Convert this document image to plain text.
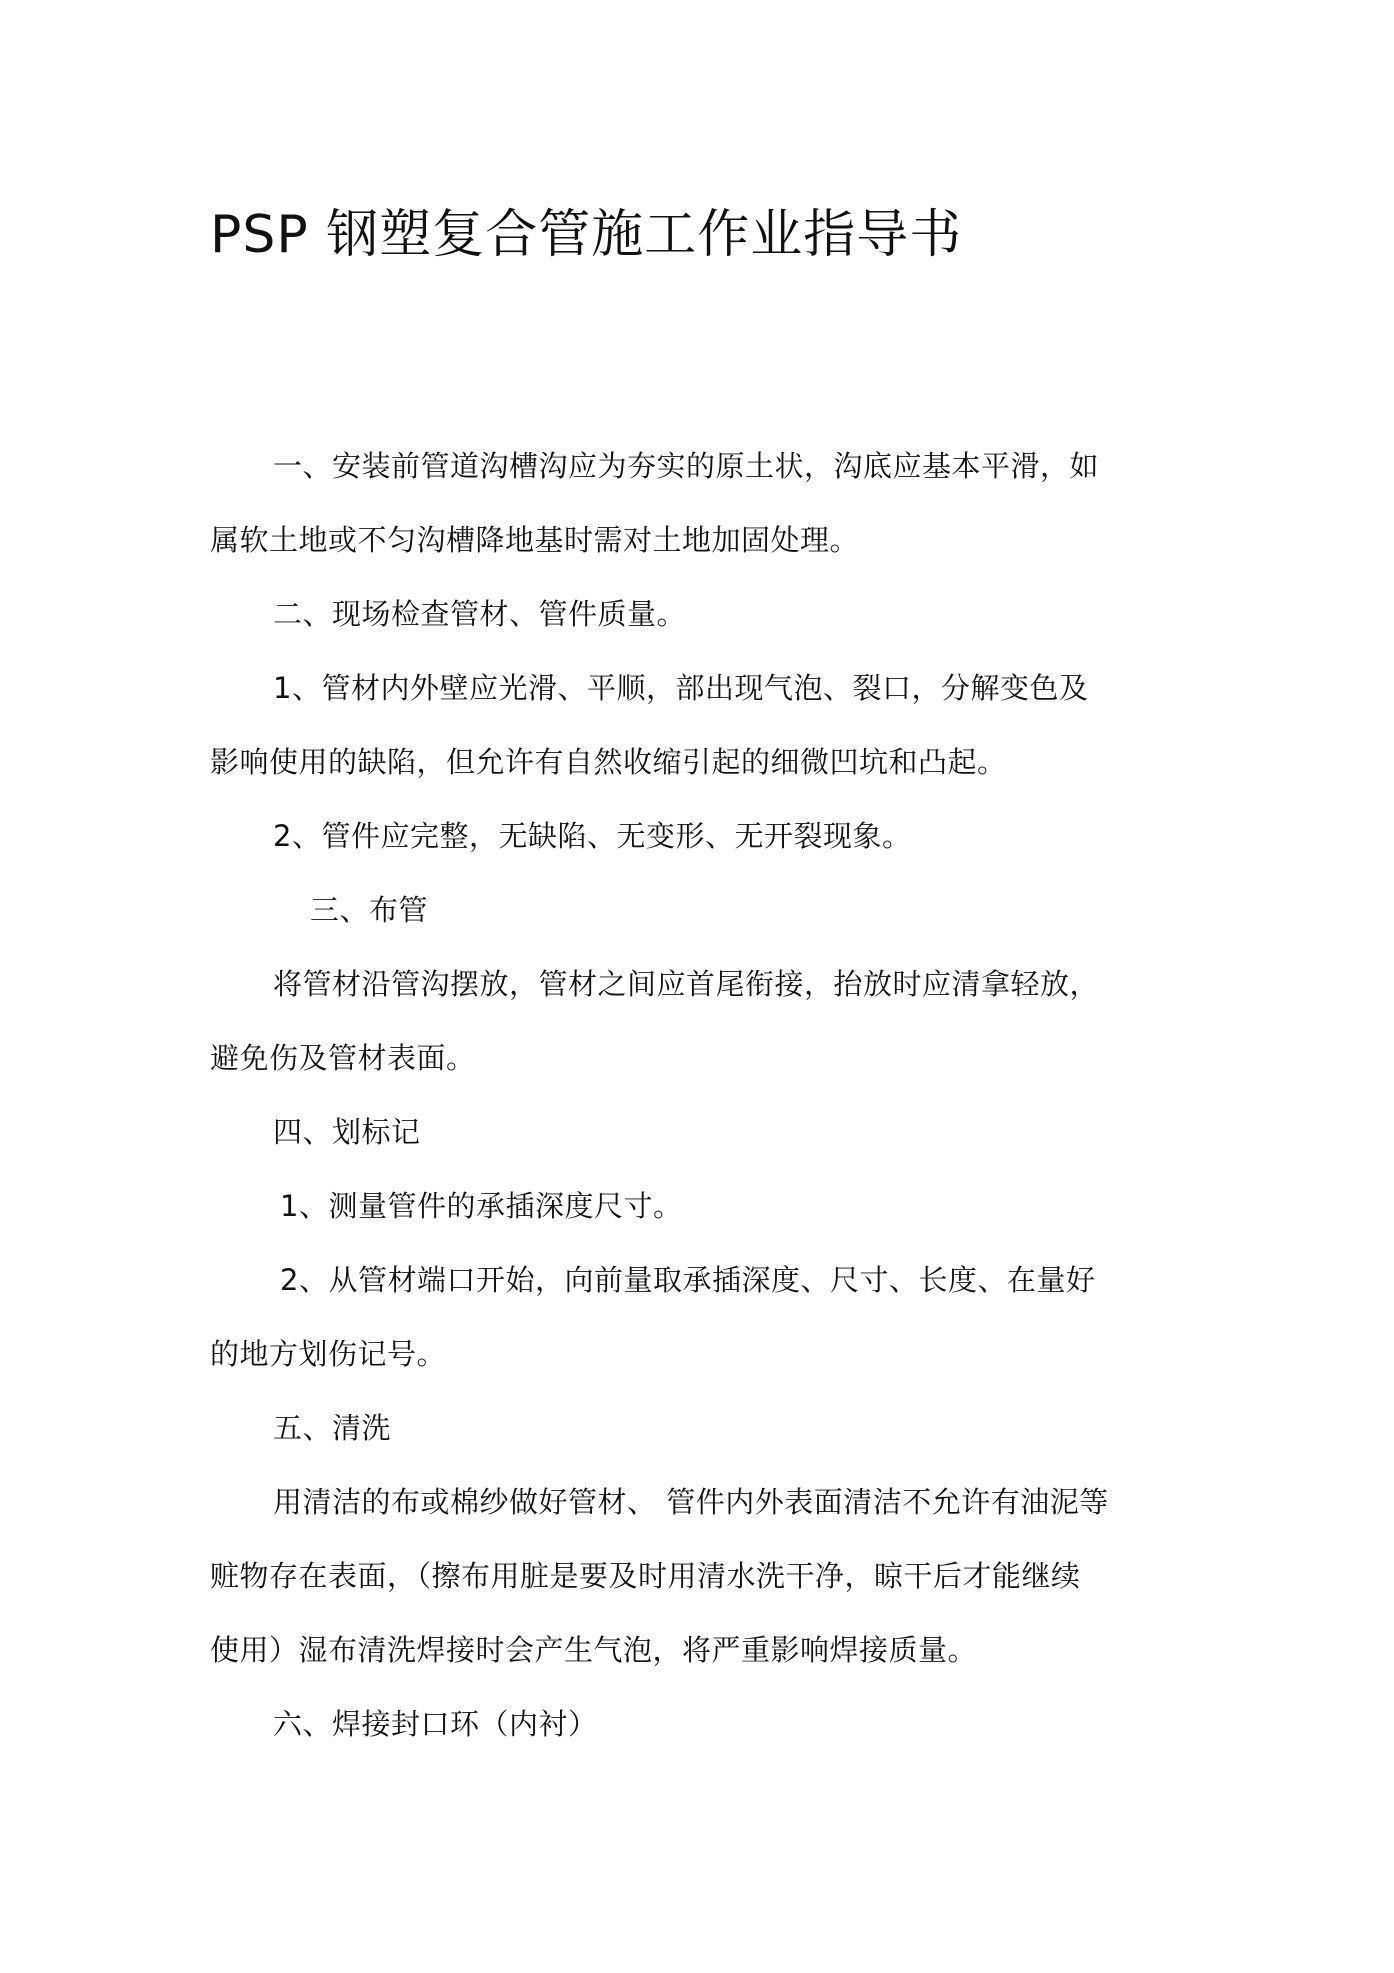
PSP 钢塑复合管施工作业指导书

一、安装前管道沟槽沟应为夯实的原土状，沟底应基本平滑，如

属软土地或不匀沟槽降地基时需对土地加固处理。

二、现场检查管材、管件质量。

1、管材内外壁应光滑、平顺，部出现气泡、裂口，分解变色及

影响使用的缺陷，但允许有自然收缩引起的细微凹坑和凸起。

2、管件应完整，无缺陷、无变形、无开裂现象。

三、布管

将管材沿管沟摆放，管材之间应首尾衔接，抬放时应清拿轻放，

避免伤及管材表面。

四、划标记

1、测量管件的承插深度尺寸。

2、从管材端口开始，向前量取承插深度、尺寸、长度、在量好

的地方划伤记号。

五、清洗

用清洁的布或棉纱做好管材、 管件内外表面清洁不允许有油泥等

赃物存在表面，（擦布用脏是要及时用清水洗干净，晾干后才能继续

使用）湿布清洗焊接时会产生气泡，将严重影响焊接质量。

六、焊接封口环（内衬）
